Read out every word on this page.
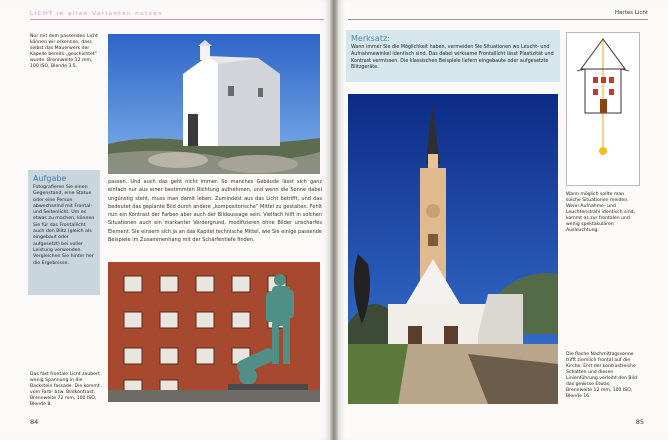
LICHT in allen Varianten nutzen
Nur mit dem passenden Licht können wir erkennen, dass selbst das Mauerwerk der Kapelle bereits „geschichtet“ wurde. Brennweite 12 mm, 100 ISO, Blende 3.5.
Aufgabe

Fotografieren Sie einen Gegenstand, eine Statue oder eine Person abwechselnd mit Frontal- und Seitenlicht. Um es etwas zu machen, können Sie für das Frontallicht auch den Blitz (gleich als eingebaut oder aufgesetzt) bei voller Leistung verwenden. Vergleichen Sie hinter her die Ergebnisse.

passen. Und auch das geht nicht immer. So manches Gebäude lässt sich ganz einfach nur aus einer bestimmten Richtung aufnehmen, und wenn die Sonne dabei ungünstig steht, muss man damit leben. Zumindest aus das Licht betrifft, und das bedeutet das geplante Bild durch andere „kompositorische“ Mittel zu gestalten. Fehlt nun ein Kontrast der Farben aber auch der Bildaussage sein. Vielfach hilft in solchen Situationen auch ein markanter Vordergrund, modifizieren ohne Bilder unscharfes Element. Sie einsern sich ja an das Kapitel technische Mittel, wie Sie einige passende Beispiele im Zusammenhang mit der Schärfentiefe finden.
Das fast frontale Licht zaubert wenig Spannung in die Backstein fassade. Die kommt vom Farb- bzw. Bildkontrast. Brennweite 72 mm, 100 ISO, Blende 8.
84
Hartes Licht
Merksatz:

Wann immer Sie die Möglichkeit haben, vermeiden Sie Situationen wo Leucht- und Aufnahmewinkel identisch sind. Das dabei wirksame Frontallicht lässt Plastizität und Kontrast vermissen. Die klassischen Beispiele liefern eingebaute oder aufgesetzte Blitzgeräte.

Wann möglich sollte man solche Situationen meiden. Wenn Aufnahme- und Leuchtenstrahl identisch sind, kommt es zur frontalen und wenig spektakulären Ausleuchtung.
Die flache Nachmittagssonne trifft ziemlich frontal auf die Kirche. Erst der kontrastreiche Schatten und diesen Linienführung verleiht den Bild das gewisse Etwas. Brennweite 12 mm, 100 ISO, Blende 16.
85
